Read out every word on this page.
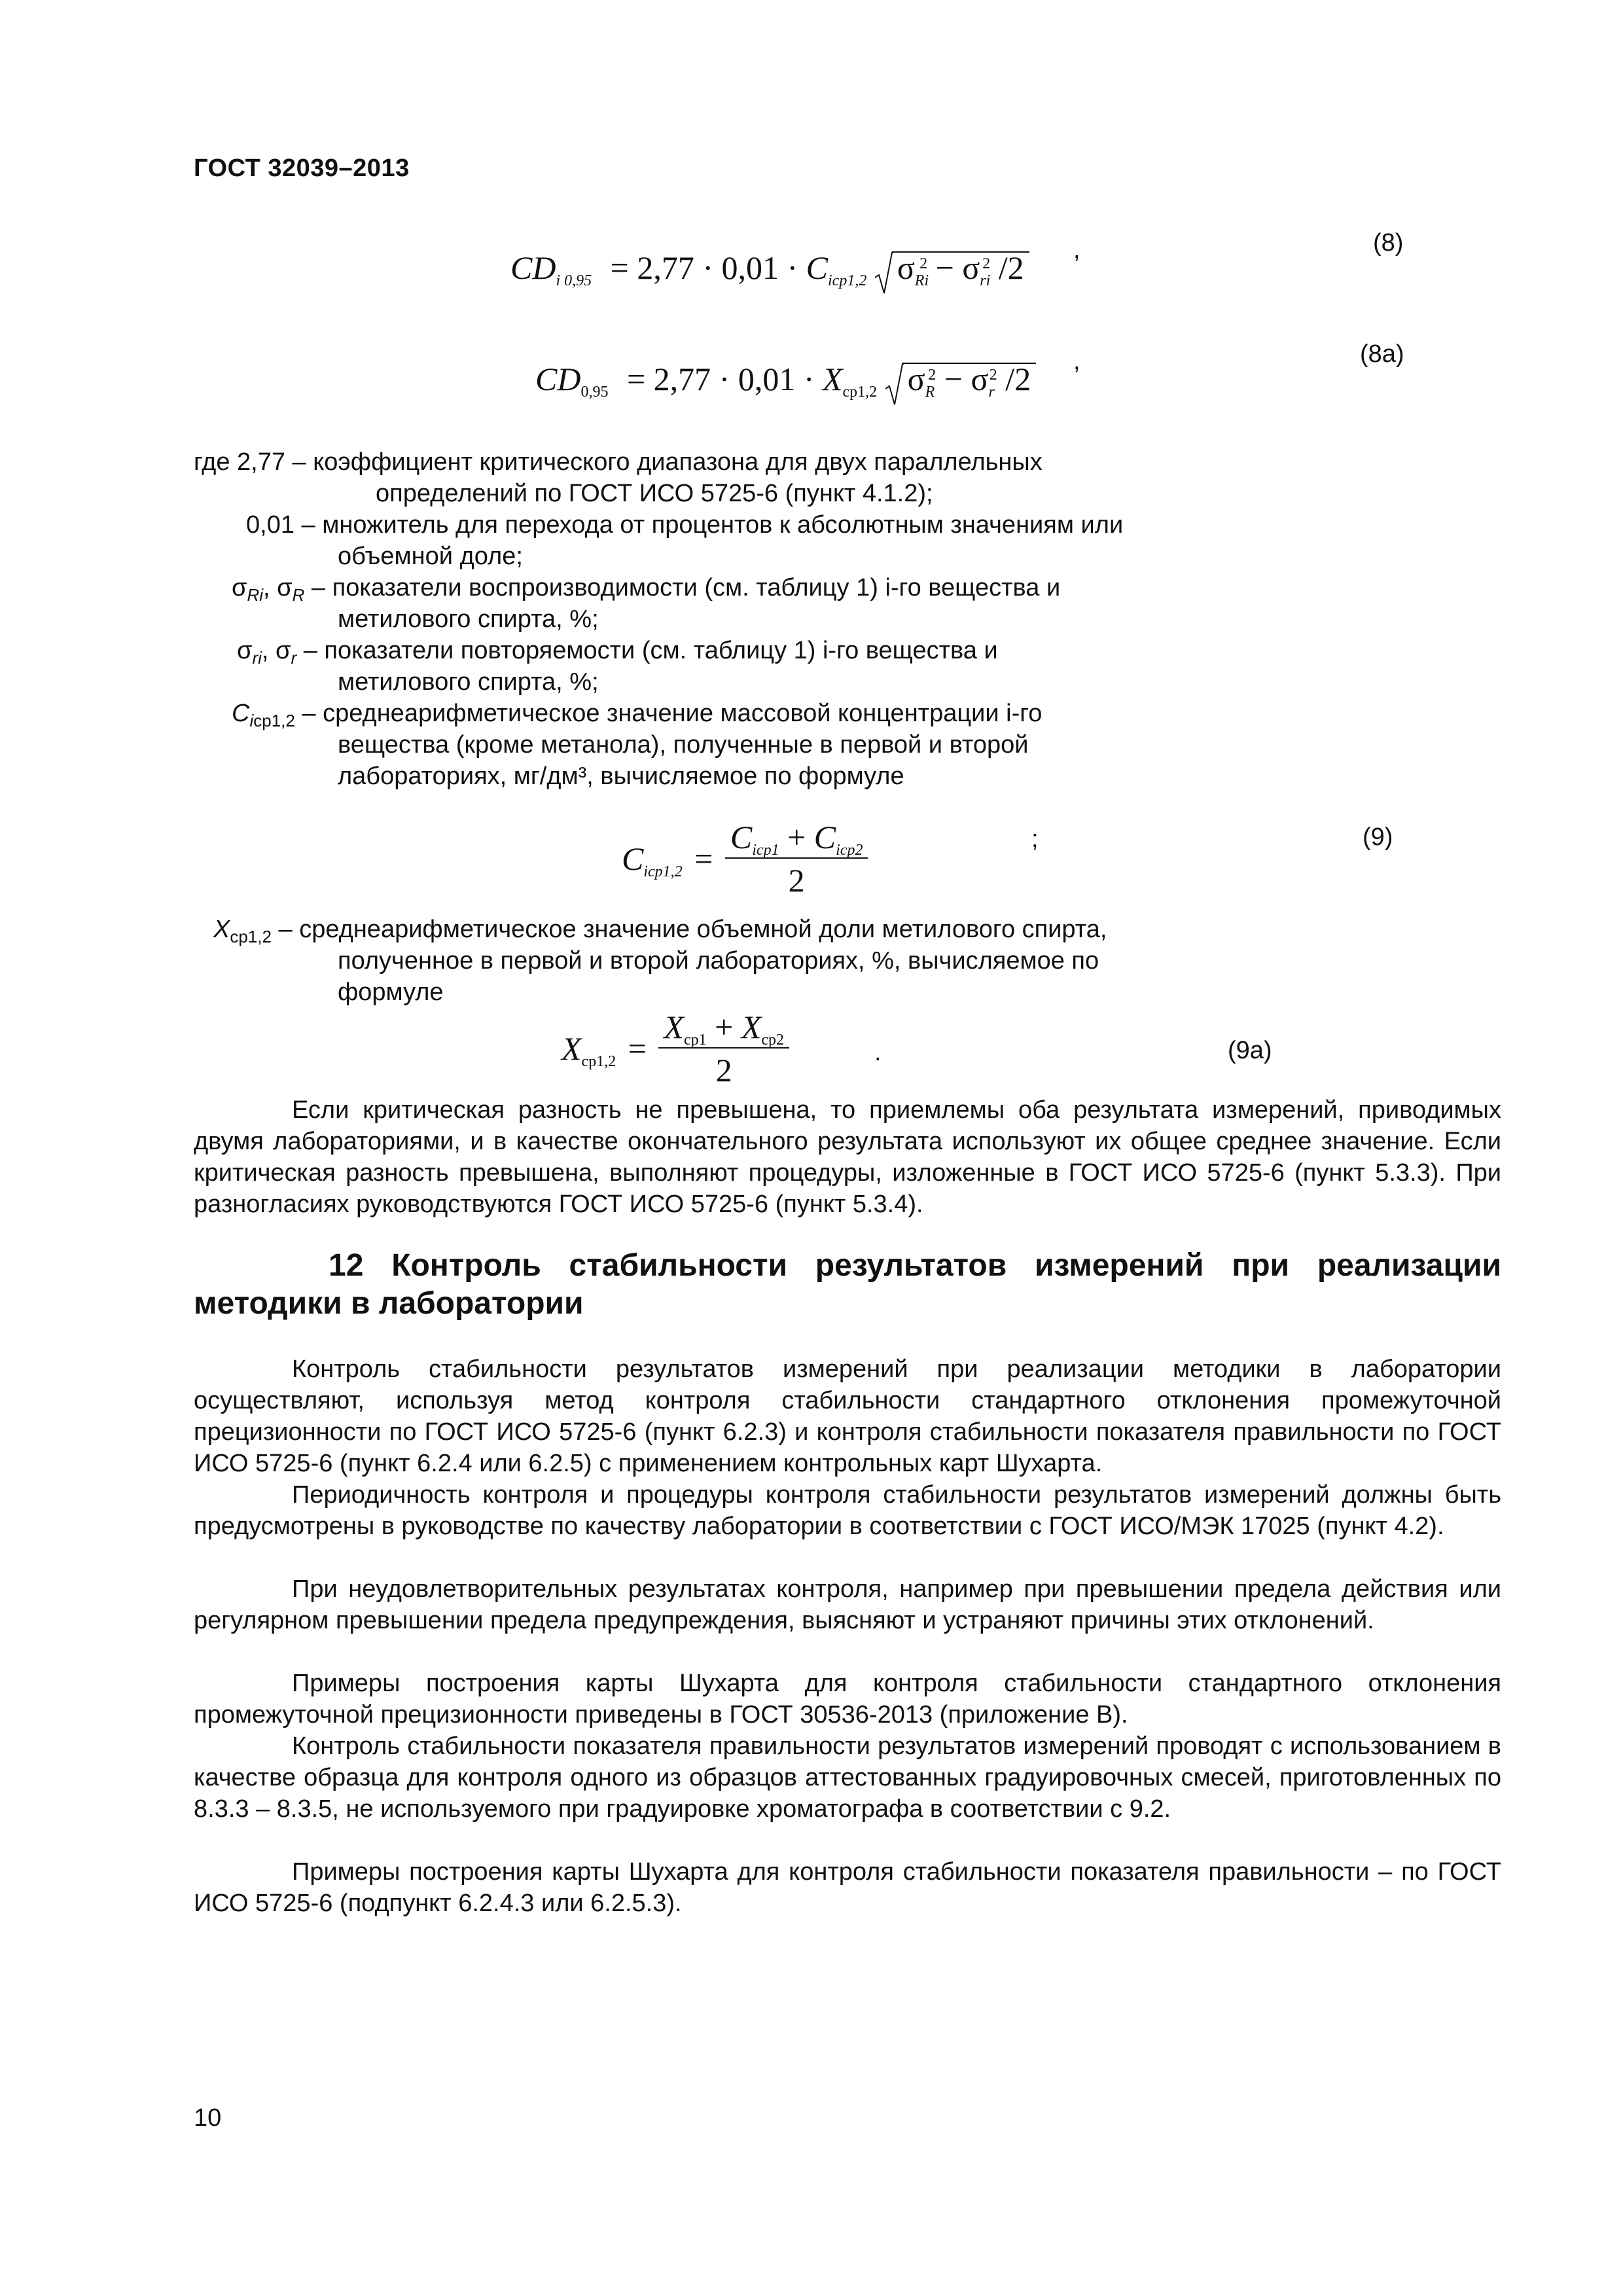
ГОСТ 32039–2013
$CD_{i 0,95} = 2,77 \cdot 0,01 \cdot C_{iср1,2}$ $\sigma_{Ri}^2 - \sigma_{ri}^2$ /2 ,	(8)
$CD_{0,95} = 2,77 \cdot 0,01 \cdot X_{ср1,2}$ $\sigma_R^2 - \sigma_r^2$ /2 ,	(8a)
где 2,77 – коэффициент критического диапазона для двух параллельных
определений по ГОСТ ИСО 5725-6 (пункт 4.1.2);
0,01 – множитель для перехода от процентов к абсолютным значениям или
объемной доле;
$\sigma_{Ri}$, $\sigma_R$ – показатели воспроизводимости (см. таблицу 1) i-го вещества и
метилового спирта, %;
$\sigma_{ri}$, $\sigma_r$ – показатели повторяемости (см. таблицу 1) i-го вещества и
метилового спирта, %;
$C_{iср1,2}$ – среднеарифметическое значение массовой концентрации i-го
вещества (кроме метанола), полученные в первой и второй
лабораториях, мг/дм³, вычисляемое по формуле
$C_{iср1,2} = \frac{C_{iср1} + C_{iср2}}{2}$	;	(9)
$X_{ср1,2}$ – среднеарифметическое значение объемной доли метилового спирта,
полученное в первой и второй лабораториях, %, вычисляемое по
формуле
$X_{ср1,2} = \frac{X_{ср1} + X_{ср2}}{2}$	.	(9a)
Если критическая разность не превышена, то приемлемы оба результата измерений, приводимых двумя лабораториями, и в качестве окончательного результата используют их общее среднее значение. Если критическая разность превышена, выполняют процедуры, изложенные в ГОСТ ИСО 5725-6 (пункт 5.3.3). При разногласиях руководствуются ГОСТ ИСО 5725-6 (пункт 5.3.4).
12 Контроль стабильности результатов измерений при реализации методики в лаборатории
Контроль стабильности результатов измерений при реализации методики в лаборатории осуществляют, используя метод контроля стабильности стандартного отклонения промежуточной прецизионности по ГОСТ ИСО 5725-6 (пункт 6.2.3) и контроля стабильности показателя правильности по ГОСТ ИСО 5725-6 (пункт 6.2.4 или 6.2.5) с применением контрольных карт Шухарта.
Периодичность контроля и процедуры контроля стабильности результатов измерений должны быть предусмотрены в руководстве по качеству лаборатории в соответствии с ГОСТ ИСО/МЭК 17025 (пункт 4.2).
При неудовлетворительных результатах контроля, например при превышении предела действия или регулярном превышении предела предупреждения, выясняют и устраняют причины этих отклонений.
Примеры построения карты Шухарта для контроля стабильности стандартного отклонения промежуточной прецизионности приведены в ГОСТ 30536-2013 (приложение В).
Контроль стабильности показателя правильности результатов измерений проводят с использованием в качестве образца для контроля одного из образцов аттестованных градуировочных смесей, приготовленных по 8.3.3 – 8.3.5, не используемого при градуировке хроматографа в соответствии с 9.2.
Примеры построения карты Шухарта для контроля стабильности показателя правильности – по ГОСТ ИСО 5725-6 (подпункт 6.2.4.3 или 6.2.5.3).
10
